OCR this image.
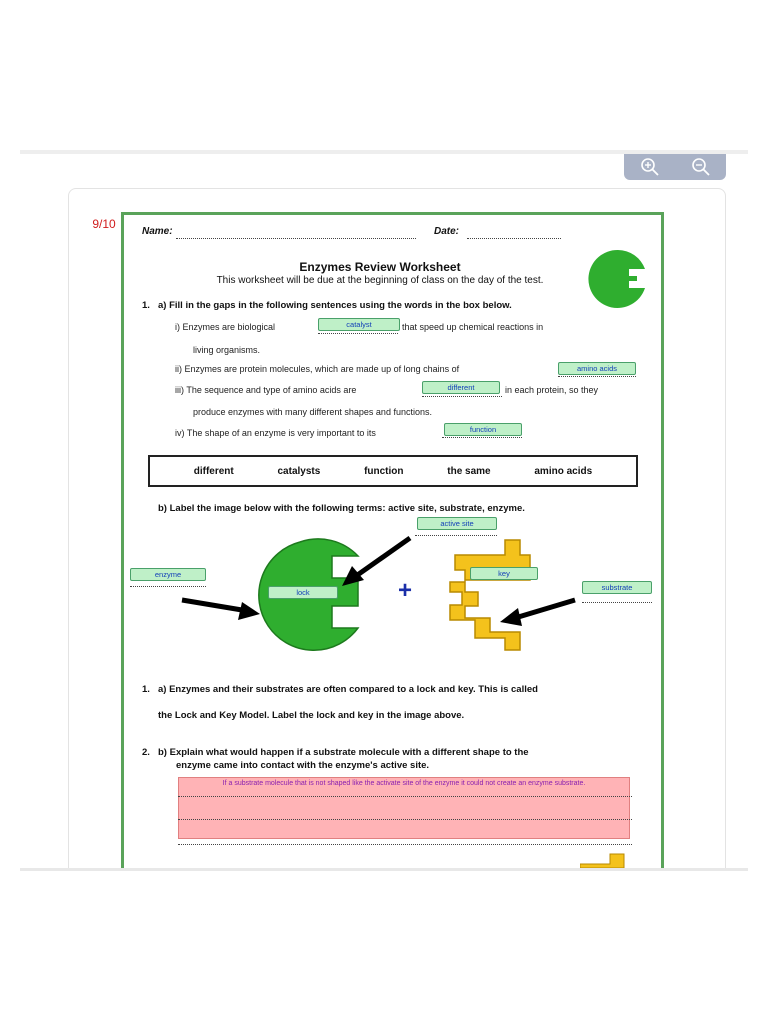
9/10
Name:	Date:
Enzymes Review Worksheet
This worksheet will be due at the beginning of class on the day of the test.
1. a) Fill in the gaps in the following sentences using the words in the box below.
i) Enzymes are biological	catalyst	that speed up chemical reactions in
living organisms.
ii) Enzymes are protein molecules, which are made up of long chains of	amino acids
iii) The sequence and type of amino acids are	different	in each protein, so they
produce enzymes with many different shapes and functions.
iv) The shape of an enzyme is very important to its	function
different	catalysts	function	the same	amino acids
b) Label the image below with the following terms: active site, substrate, enzyme.
+
active site
enzyme
lock
key
substrate
1. a) Enzymes and their substrates are often compared to a lock and key. This is called
the Lock and Key Model. Label the lock and key in the image above.
2. b) Explain what would happen if a substrate molecule with a different shape to the
enzyme came into contact with the enzyme's active site.
If a substrate molecule that is not shaped like the activate site of the enzyme it could not create an enzyme substrate.
